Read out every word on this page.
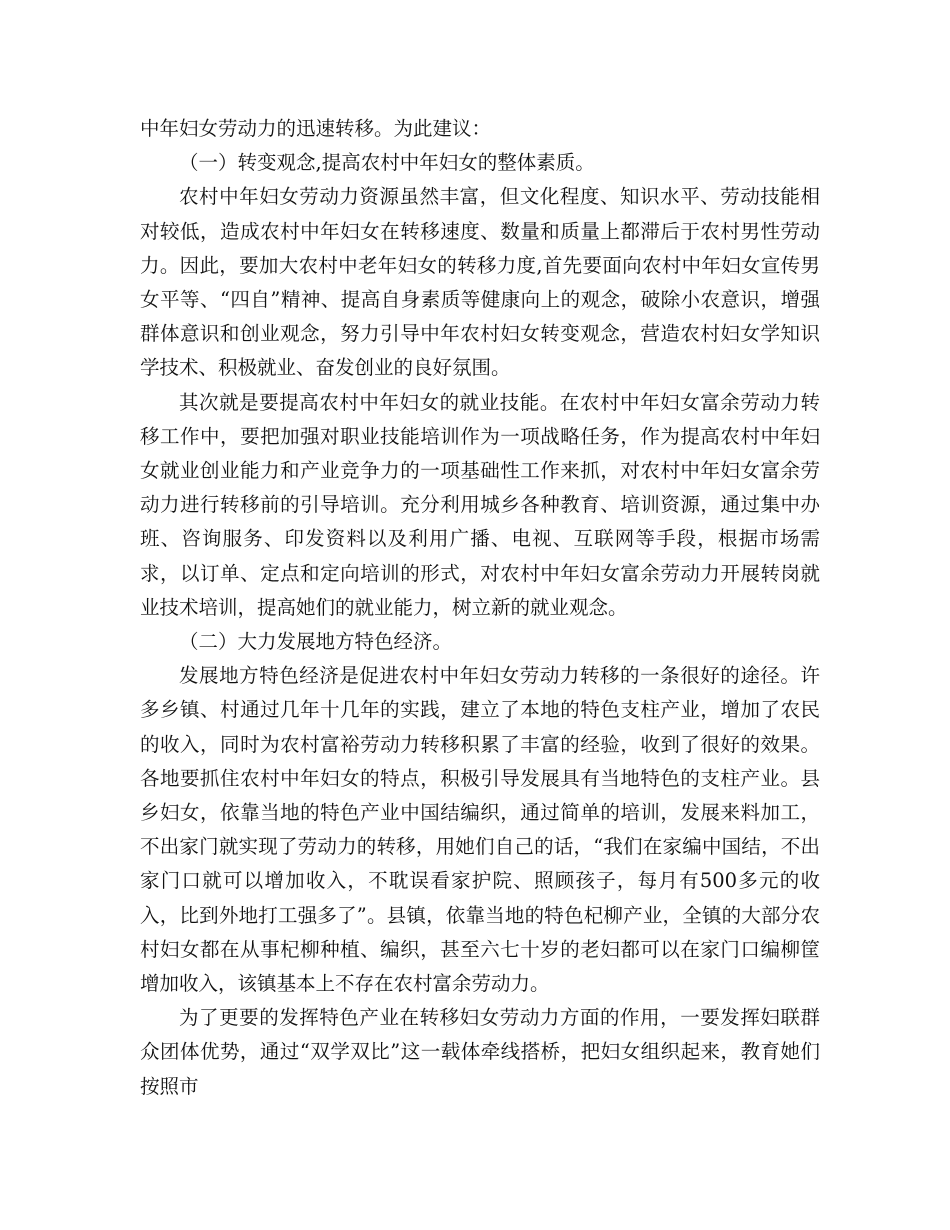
中年妇女劳动力的迅速转移。为此建议：

（一）转变观念,提高农村中年妇女的整体素质。

农村中年妇女劳动力资源虽然丰富，但文化程度、知识水平、劳动技能相对较低，造成农村中年妇女在转移速度、数量和质量上都滞后于农村男性劳动力。因此，要加大农村中老年妇女的转移力度,首先要面向农村中年妇女宣传男女平等、“四自”精神、提高自身素质等健康向上的观念，破除小农意识，增强群体意识和创业观念，努力引导中年农村妇女转变观念，营造农村妇女学知识学技术、积极就业、奋发创业的良好氛围。

其次就是要提高农村中年妇女的就业技能。在农村中年妇女富余劳动力转移工作中，要把加强对职业技能培训作为一项战略任务，作为提高农村中年妇女就业创业能力和产业竞争力的一项基础性工作来抓，对农村中年妇女富余劳动力进行转移前的引导培训。充分利用城乡各种教育、培训资源，通过集中办班、咨询服务、印发资料以及利用广播、电视、互联网等手段，根据市场需求，以订单、定点和定向培训的形式，对农村中年妇女富余劳动力开展转岗就业技术培训，提高她们的就业能力，树立新的就业观念。

（二）大力发展地方特色经济。

发展地方特色经济是促进农村中年妇女劳动力转移的一条很好的途径。许多乡镇、村通过几年十几年的实践，建立了本地的特色支柱产业，增加了农民的收入，同时为农村富裕劳动力转移积累了丰富的经验，收到了很好的效果。各地要抓住农村中年妇女的特点，积极引导发展具有当地特色的支柱产业。县乡妇女，依靠当地的特色产业中国结编织，通过简单的培训，发展来料加工，不出家门就实现了劳动力的转移，用她们自己的话，“我们在家编中国结，不出家门口就可以增加收入，不耽误看家护院、照顾孩子，每月有500多元的收入，比到外地打工强多了”。县镇，依靠当地的特色杞柳产业，全镇的大部分农村妇女都在从事杞柳种植、编织，甚至六七十岁的老妇都可以在家门口编柳筐增加收入，该镇基本上不存在农村富余劳动力。

为了更要的发挥特色产业在转移妇女劳动力方面的作用，一要发挥妇联群众团体优势，通过“双学双比”这一载体牵线搭桥，把妇女组织起来，教育她们按照市
